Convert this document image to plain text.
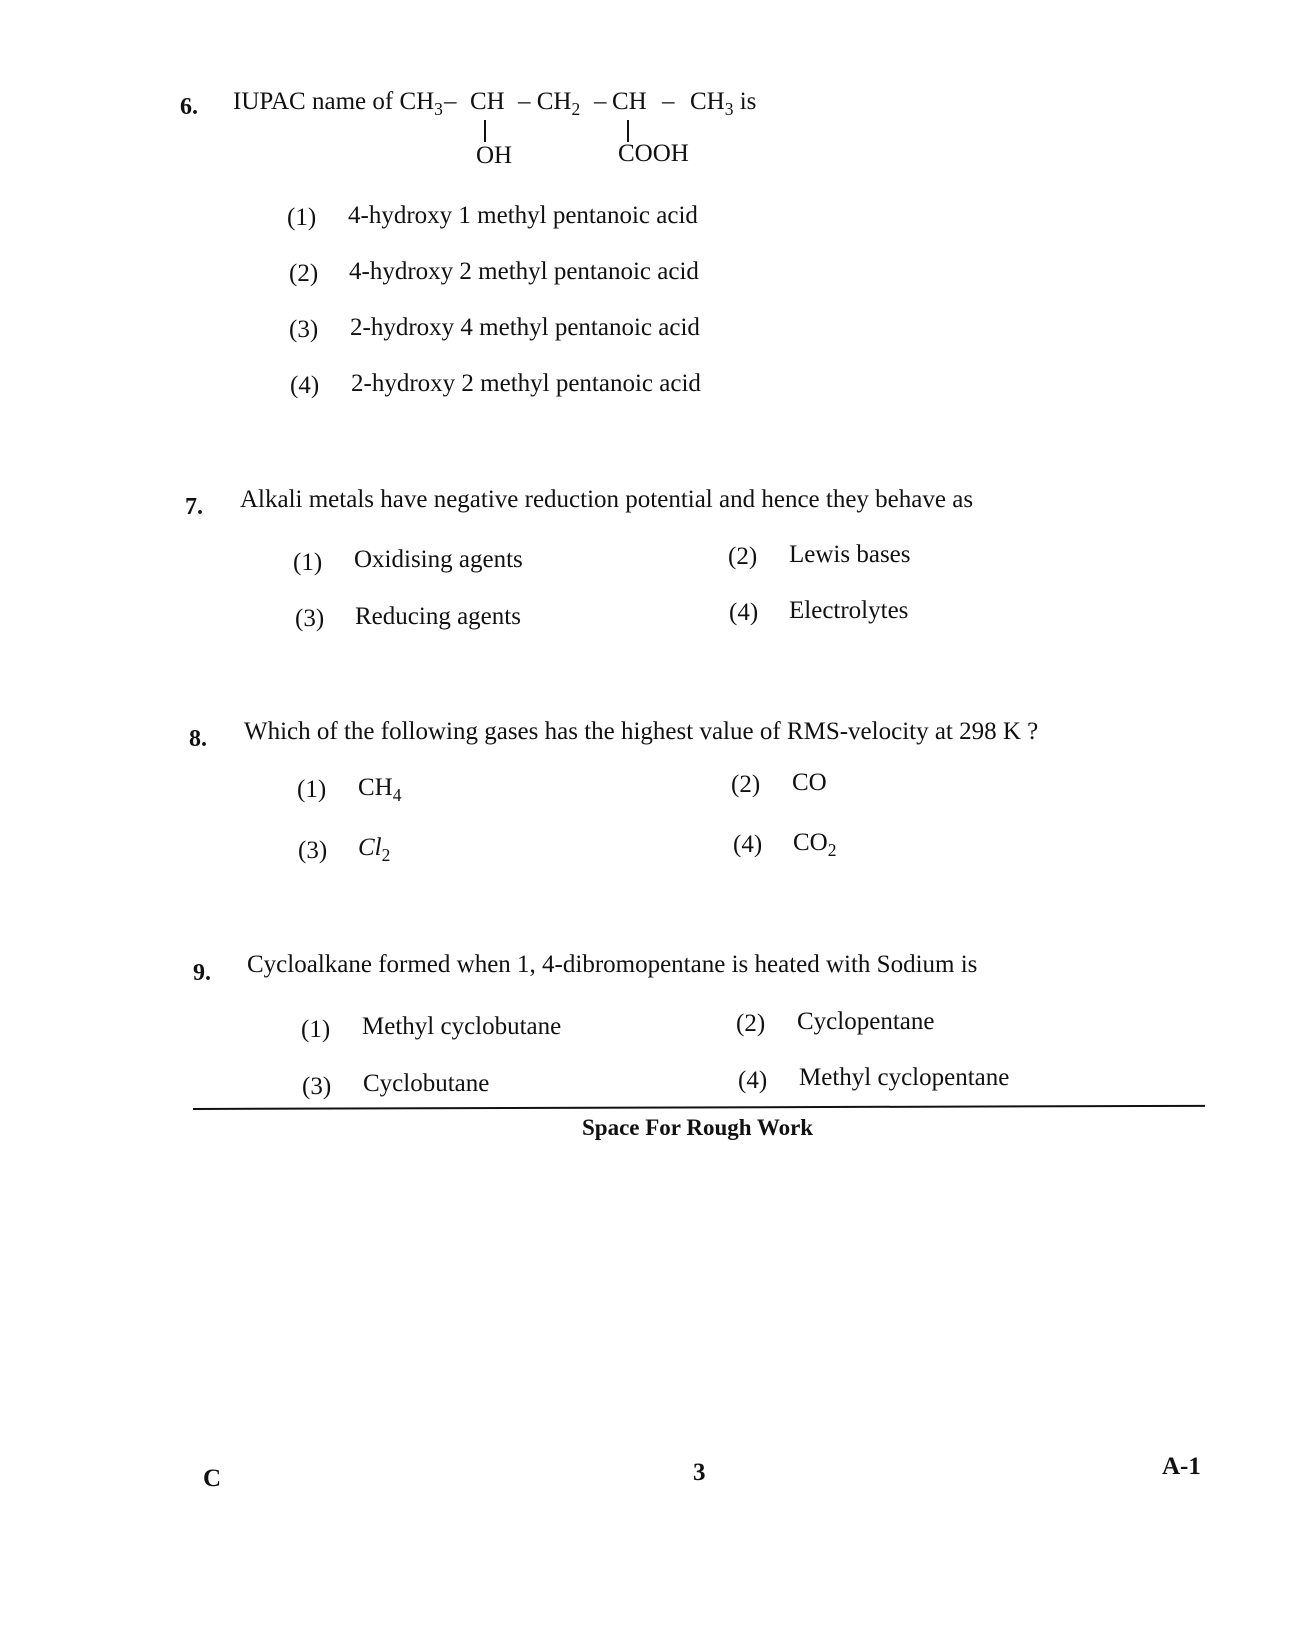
6. IUPAC name of $CH_3$ – CH – $CH_2$ – CH – $CH_3$ is
OH	COOH
(1) 4-hydroxy 1 methyl pentanoic acid
(2) 4-hydroxy 2 methyl pentanoic acid
(3) 2-hydroxy 4 methyl pentanoic acid
(4) 2-hydroxy 2 methyl pentanoic acid
7. Alkali metals have negative reduction potential and hence they behave as
(1) Oxidising agents	(2) Lewis bases
(3) Reducing agents	(4) Electrolytes
8. Which of the following gases has the highest value of RMS-velocity at 298 K ?
(1) $CH_4$	(2) CO
(3) $Cl_2$	(4) $CO_2$
9. Cycloalkane formed when 1, 4-dibromopentane is heated with Sodium is
(1) Methyl cyclobutane	(2) Cyclopentane
(3) Cyclobutane	(4) Methyl cyclopentane
Space For Rough Work
C	3	A-1
